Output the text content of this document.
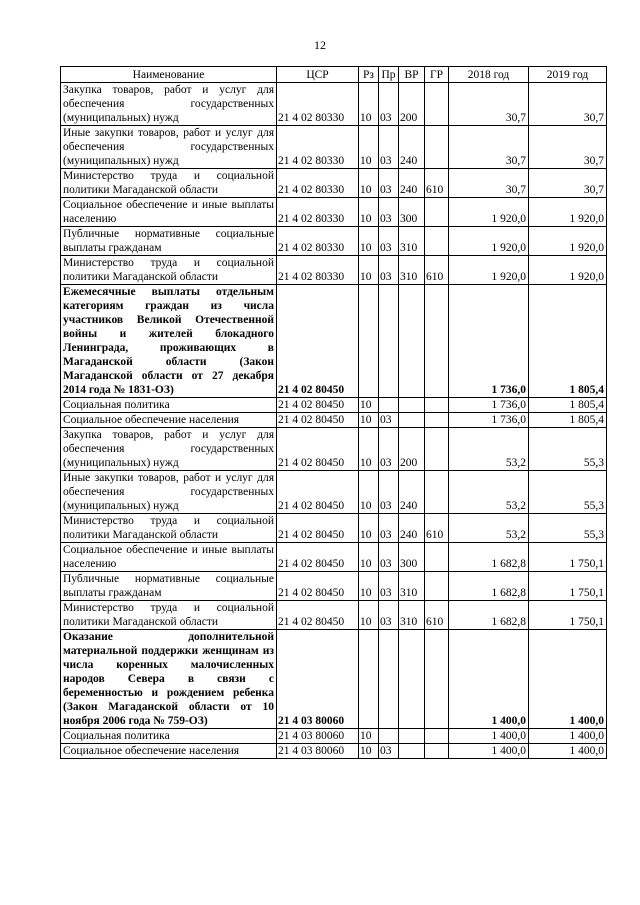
12
Наименование	ЦСР	Рз	Пр	ВР	ГР	2018 год	2019 год
Закупка товаров, работ и услуг для обеспечения государственных (муниципальных) нужд	21 4 02 80330	10	03	200		30,7	30,7
Иные закупки товаров, работ и услуг для обеспечения государственных (муниципальных) нужд	21 4 02 80330	10	03	240		30,7	30,7
Министерство труда и социальной политики Магаданской области	21 4 02 80330	10	03	240	610	30,7	30,7
Социальное обеспечение и иные выплаты населению	21 4 02 80330	10	03	300		1 920,0	1 920,0
Публичные нормативные социальные выплаты гражданам	21 4 02 80330	10	03	310		1 920,0	1 920,0
Министерство труда и социальной политики Магаданской области	21 4 02 80330	10	03	310	610	1 920,0	1 920,0
Ежемесячные выплаты отдельным категориям граждан из числа участников Великой Отечественной войны и жителей блокадного Ленинграда, проживающих в Магаданской области (Закон Магаданской области от 27 декабря 2014 года № 1831-ОЗ)	21 4 02 80450					1 736,0	1 805,4
Социальная политика	21 4 02 80450	10				1 736,0	1 805,4
Социальное обеспечение населения	21 4 02 80450	10	03			1 736,0	1 805,4
Закупка товаров, работ и услуг для обеспечения государственных (муниципальных) нужд	21 4 02 80450	10	03	200		53,2	55,3
Иные закупки товаров, работ и услуг для обеспечения государственных (муниципальных) нужд	21 4 02 80450	10	03	240		53,2	55,3
Министерство труда и социальной политики Магаданской области	21 4 02 80450	10	03	240	610	53,2	55,3
Социальное обеспечение и иные выплаты населению	21 4 02 80450	10	03	300		1 682,8	1 750,1
Публичные нормативные социальные выплаты гражданам	21 4 02 80450	10	03	310		1 682,8	1 750,1
Министерство труда и социальной политики Магаданской области	21 4 02 80450	10	03	310	610	1 682,8	1 750,1
Оказание дополнительной материальной поддержки женщинам из числа коренных малочисленных народов Севера в связи с беременностью и рождением ребенка (Закон Магаданской области от 10 ноября 2006 года № 759-ОЗ)	21 4 03 80060					1 400,0	1 400,0
Социальная политика	21 4 03 80060	10				1 400,0	1 400,0
Социальное обеспечение населения	21 4 03 80060	10	03			1 400,0	1 400,0
